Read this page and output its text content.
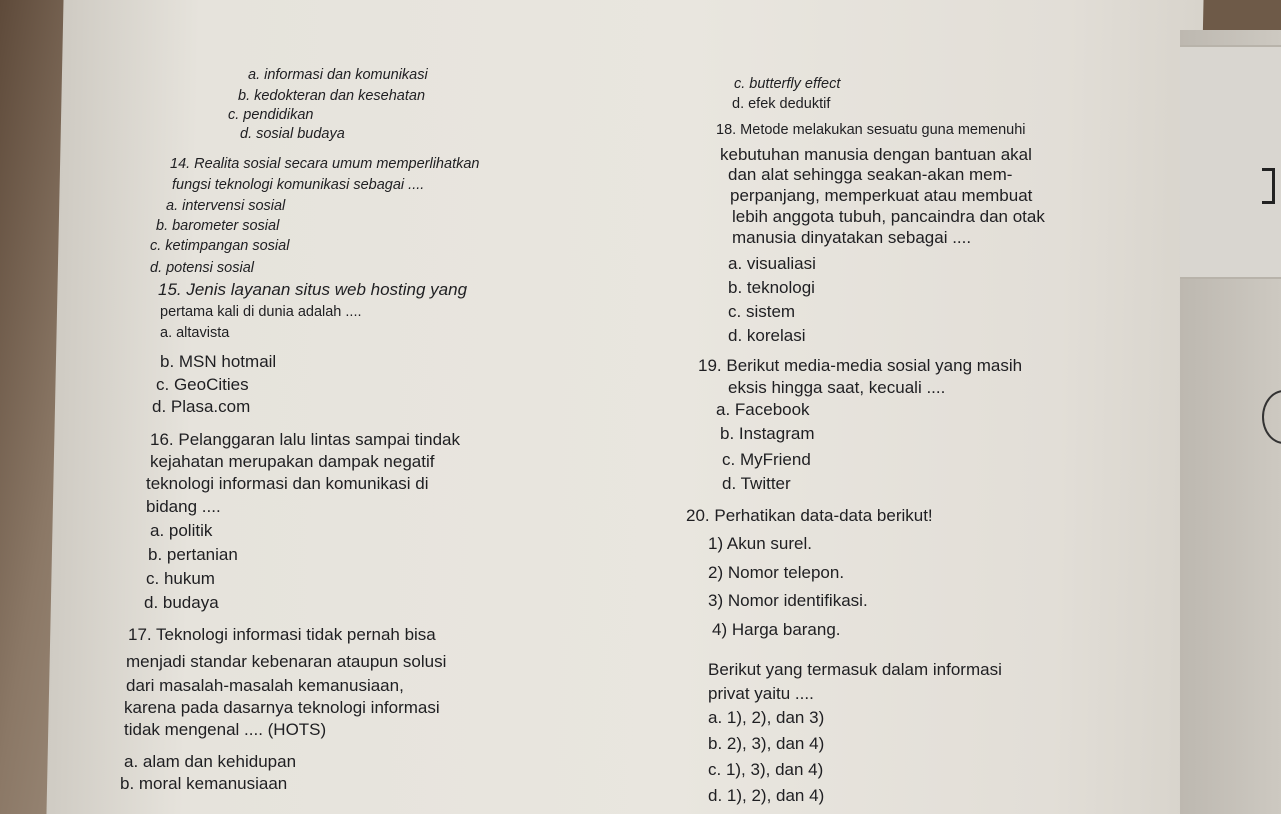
a. informasi dan komunikasi
b. kedokteran dan kesehatan
c. pendidikan
d. sosial budaya
14. Realita sosial secara umum memperlihatkan
fungsi teknologi komunikasi sebagai ....
a. intervensi sosial
b. barometer sosial
c. ketimpangan sosial
d. potensi sosial
15. Jenis layanan situs web hosting yang
pertama kali di dunia adalah ....
a. altavista
b. MSN hotmail
c. GeoCities
d. Plasa.com
16. Pelanggaran lalu lintas sampai tindak
kejahatan merupakan dampak negatif
teknologi informasi dan komunikasi di
bidang ....
a. politik
b. pertanian
c. hukum
d. budaya
17. Teknologi informasi tidak pernah bisa
menjadi standar kebenaran ataupun solusi
dari masalah-masalah kemanusiaan,
karena pada dasarnya teknologi informasi
tidak mengenal .... (HOTS)
a. alam dan kehidupan
b. moral kemanusiaan
c. butterfly effect
d. efek deduktif
18. Metode melakukan sesuatu guna memenuhi
kebutuhan manusia dengan bantuan akal
dan alat sehingga seakan-akan mem-
perpanjang, memperkuat atau membuat
lebih anggota tubuh, pancaindra dan otak
manusia dinyatakan sebagai ....
a. visualiasi
b. teknologi
c. sistem
d. korelasi
19. Berikut media-media sosial yang masih
eksis hingga saat, kecuali ....
a. Facebook
b. Instagram
c. MyFriend
d. Twitter
20. Perhatikan data-data berikut!
1) Akun surel.
2) Nomor telepon.
3) Nomor identifikasi.
4) Harga barang.
Berikut yang termasuk dalam informasi
privat yaitu ....
a. 1), 2), dan 3)
b. 2), 3), dan 4)
c. 1), 3), dan 4)
d. 1), 2), dan 4)
